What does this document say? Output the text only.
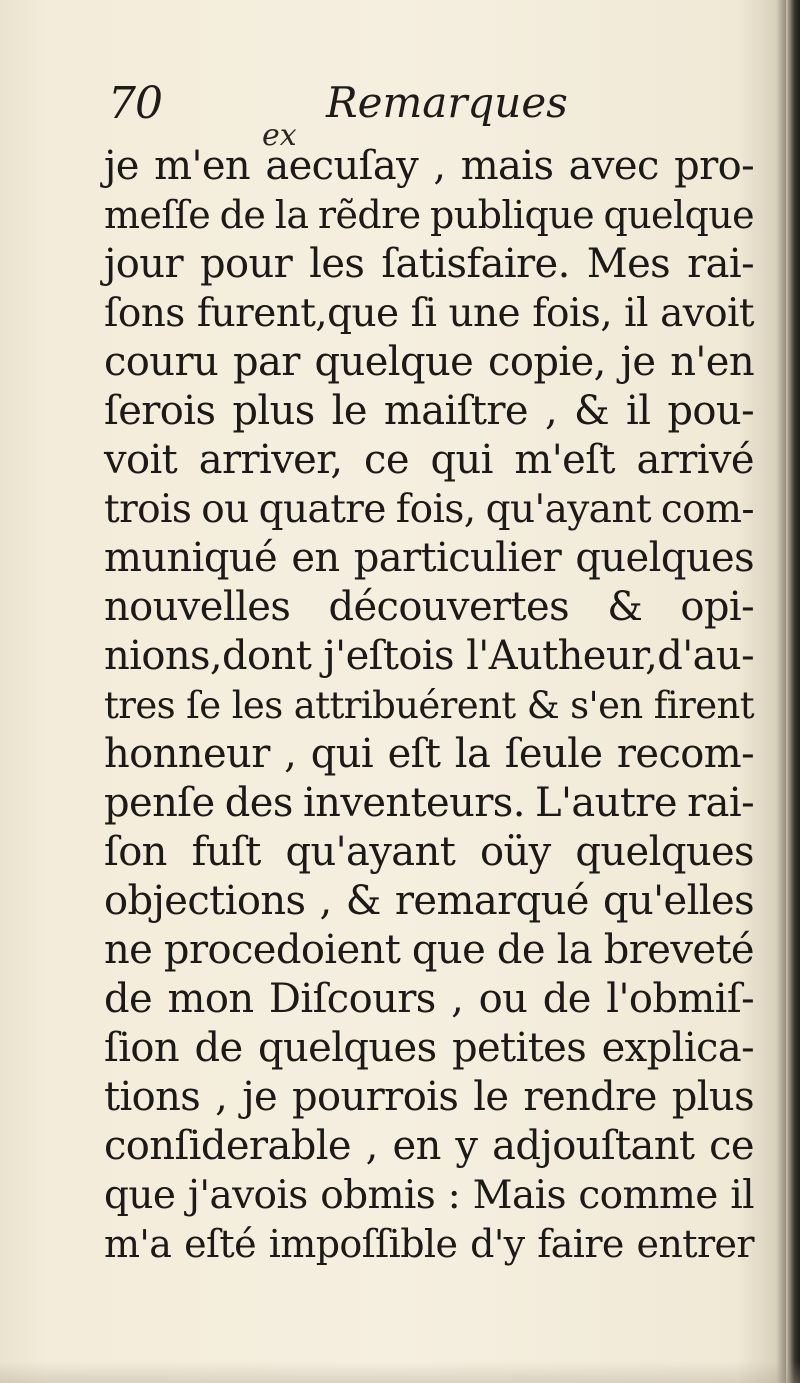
70	Remarques
ex
je m'en aecuſay , mais avec pro-
meſſe de la rẽdre publique quelque
jour pour les ſatisfaire. Mes rai-
ſons furent,que ſi une fois, il avoit
couru par quelque copie, je n'en
ſerois plus le maiſtre , & il pou-
voit arriver, ce qui m'eſt arrivé
trois ou quatre fois, qu'ayant com-
muniqué en particulier quelques
nouvelles découvertes & opi-
nions,dont j'eſtois l'Autheur,d'au-
tres ſe les attribuérent & s'en firent
honneur , qui eſt la ſeule recom-
penſe des inventeurs. L'autre rai-
ſon fuſt qu'ayant oüy quelques
objections , & remarqué qu'elles
ne procedoient que de la breveté
de mon Diſcours , ou de l'obmiſ-
ſion de quelques petites explica-
tions , je pourrois le rendre plus
conſiderable , en y adjouſtant ce
que j'avois obmis : Mais comme il
m'a eſté impoſſible d'y faire entrer
